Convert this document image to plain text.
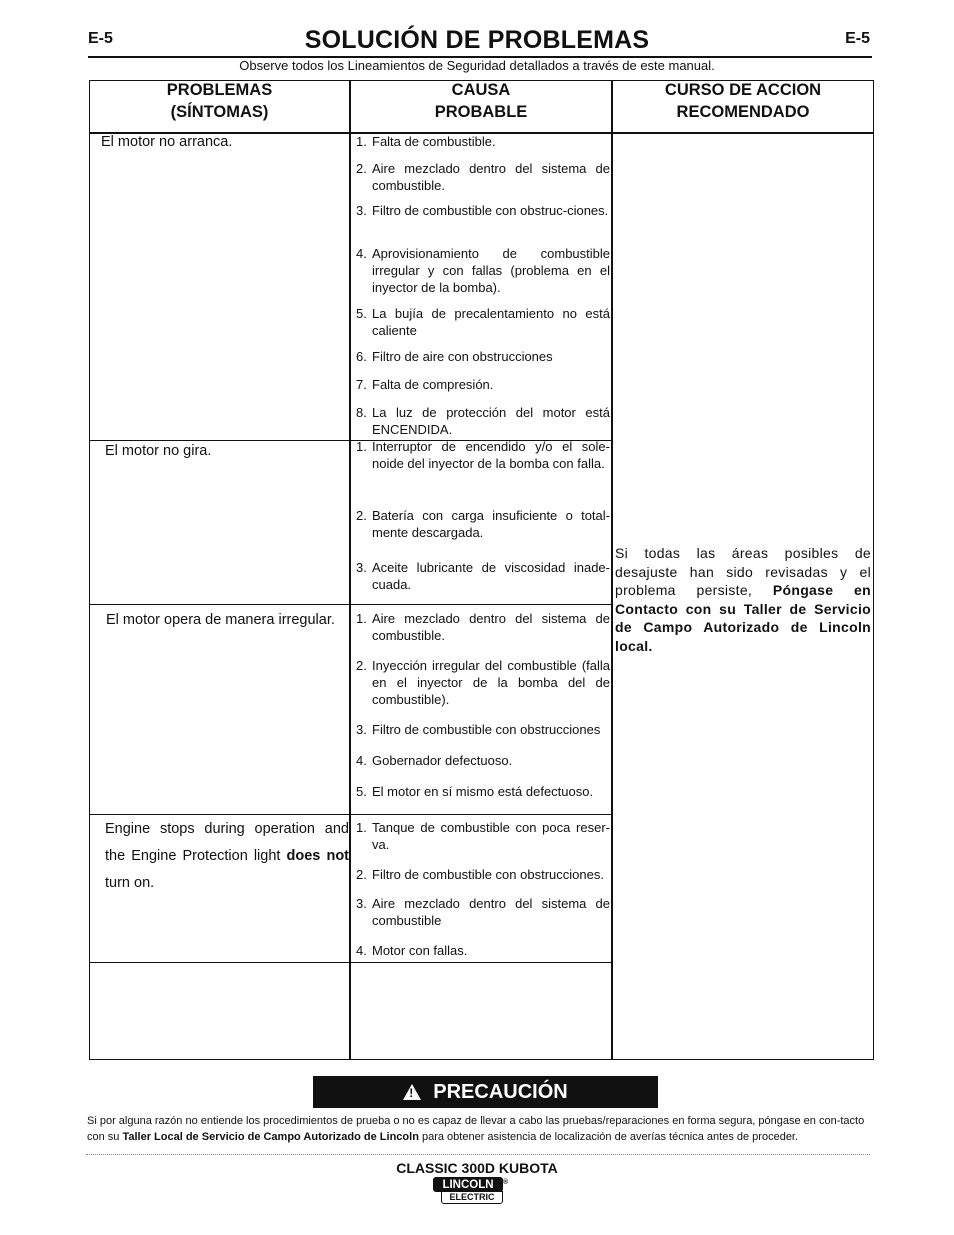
E-5	E-5
SOLUCIÓN DE PROBLEMAS
Observe todos los Lineamientos de Seguridad detallados a través de este manual.
PROBLEMAS
(SÍNTOMAS)
CAUSA
PROBABLE
CURSO DE ACCION
RECOMENDADO
El motor no arranca.
El motor no gira.
El motor opera de manera irregular.
Engine stops during operation and the Engine Protection light does not turn on.
1. Falta de combustible.
2. Aire mezclado dentro del sistema de combustible.
3. Filtro de combustible con obstruc-ciones.
4. Aprovisionamiento de combustible irregular y con fallas (problema en el inyector de la bomba).
5. La bujía de precalentamiento no está caliente
6. Filtro de aire con obstrucciones
7. Falta de compresión.
8. La luz de protección del motor está ENCENDIDA.
1. Interruptor de encendido y/o el sole-noide del inyector de la bomba con falla.
2. Batería con carga insuficiente o total-mente descargada.
3. Aceite lubricante de viscosidad inade-cuada.
1. Aire mezclado dentro del sistema de combustible.
2. Inyección irregular del combustible (falla en el inyector de la bomba del de combustible).
3. Filtro de combustible con obstrucciones
4. Gobernador defectuoso.
5. El motor en sí mismo está defectuoso.
1. Tanque de combustible con poca reser-va.
2. Filtro de combustible con obstrucciones.
3. Aire mezclado dentro del sistema de combustible
4. Motor con fallas.
Si todas las áreas posibles de desajuste han sido revisadas y el problema persiste, Póngase en Contacto con su Taller de Servicio de Campo Autorizado de Lincoln local.
! PRECAUCIÓN
Si por alguna razón no entiende los procedimientos de prueba o no es capaz de llevar a cabo las pruebas/reparaciones en forma segura, póngase en con-tacto con su Taller Local de Servicio de Campo Autorizado de Lincoln para obtener asistencia de localización de averías técnica antes de proceder.
CLASSIC 300D KUBOTA
LINCOLN
ELECTRIC
®
